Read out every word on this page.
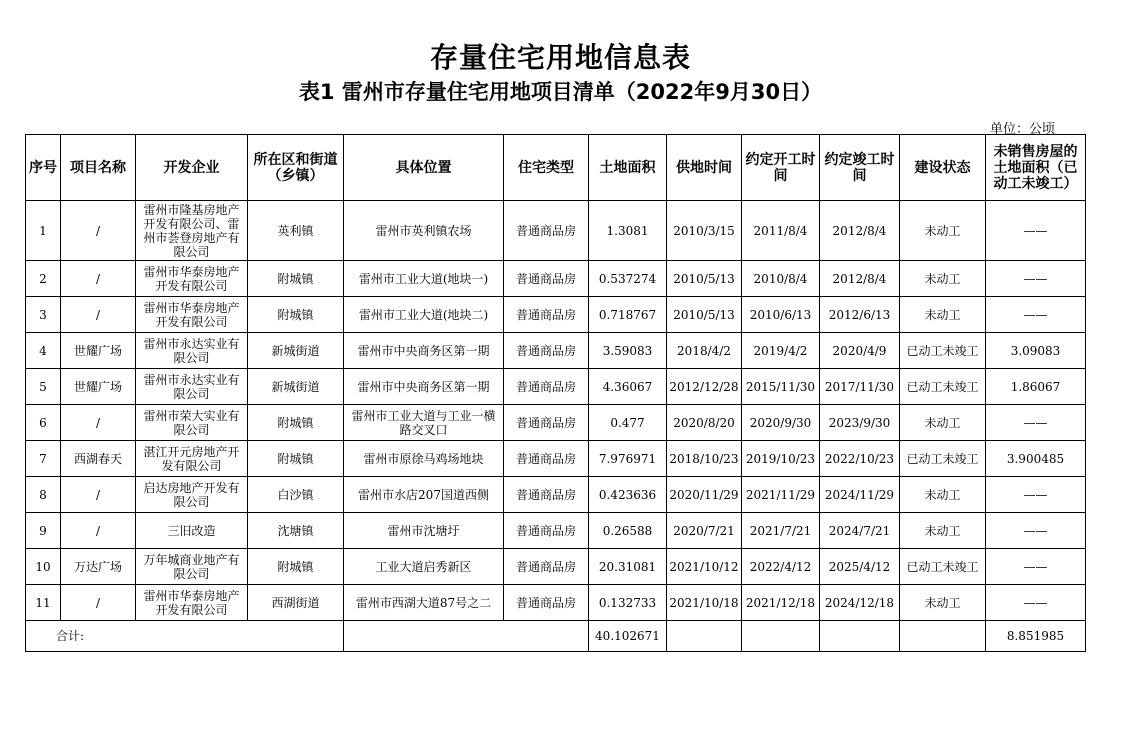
存量住宅用地信息表
表1 雷州市存量住宅用地项目清单（2022年9月30日）
单位：公顷
序号	项目名称	开发企业	所在区和街道（乡镇）	具体位置	住宅类型	土地面积	供地时间	约定开工时间	约定竣工时间	建设状态	未销售房屋的土地面积（已动工未竣工）
1	/	雷州市隆基房地产开发有限公司、雷州市荟登房地产有限公司	英利镇	雷州市英利镇农场	普通商品房	1.3081	2010/3/15	2011/8/4	2012/8/4	未动工	——
2	/	雷州市华泰房地产开发有限公司	附城镇	雷州市工业大道(地块一)	普通商品房	0.537274	2010/5/13	2010/8/4	2012/8/4	未动工	——
3	/	雷州市华泰房地产开发有限公司	附城镇	雷州市工业大道(地块二)	普通商品房	0.718767	2010/5/13	2010/6/13	2012/6/13	未动工	——
4	世耀广场	雷州市永达实业有限公司	新城街道	雷州市中央商务区第一期	普通商品房	3.59083	2018/4/2	2019/4/2	2020/4/9	已动工未竣工	3.09083
5	世耀广场	雷州市永达实业有限公司	新城街道	雷州市中央商务区第一期	普通商品房	4.36067	2012/12/28	2015/11/30	2017/11/30	已动工未竣工	1.86067
6	/	雷州市荣大实业有限公司	附城镇	雷州市工业大道与工业一横路交叉口	普通商品房	0.477	2020/8/20	2020/9/30	2023/9/30	未动工	——
7	西湖春天	湛江开元房地产开发有限公司	附城镇	雷州市原徐马鸡场地块	普通商品房	7.976971	2018/10/23	2019/10/23	2022/10/23	已动工未竣工	3.900485
8	/	启达房地产开发有限公司	白沙镇	雷州市水店207国道西侧	普通商品房	0.423636	2020/11/29	2021/11/29	2024/11/29	未动工	——
9	/	三旧改造	沈塘镇	雷州市沈塘圩	普通商品房	0.26588	2020/7/21	2021/7/21	2024/7/21	未动工	——
10	万达广场	万年城商业地产有限公司	附城镇	工业大道启秀新区	普通商品房	20.31081	2021/10/12	2022/4/12	2025/4/12	已动工未竣工	——
11	/	雷州市华泰房地产开发有限公司	西湖街道	雷州市西湖大道87号之二	普通商品房	0.132733	2021/10/18	2021/12/18	2024/12/18	未动工	——
合计:						40.102671					8.851985
